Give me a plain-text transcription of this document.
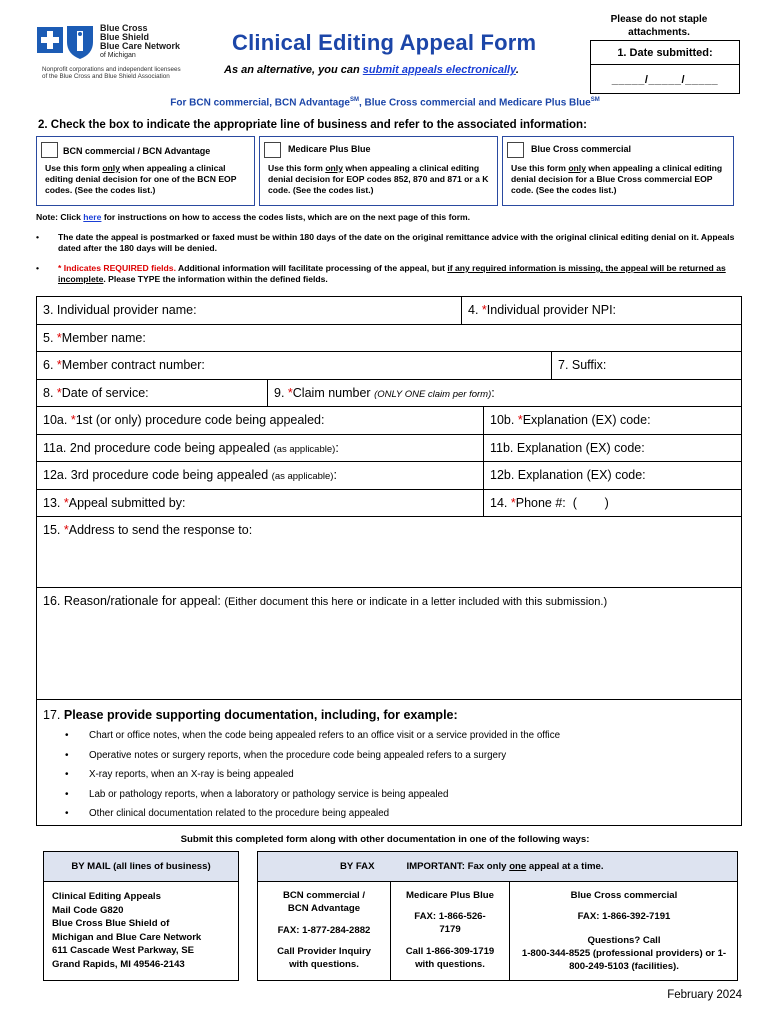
Blue Cross
Blue Shield
Blue Care Network
of Michigan
Nonprofit corporations and independent licensees
of the Blue Cross and Blue Shield Association
Clinical Editing Appeal Form
As an alternative, you can submit appeals electronically.
Please do not staple attachments.
1. Date submitted:
_____/_____/_____
For BCN commercial, BCN Advantage℠, Blue Cross commercial and Medicare Plus Blue℠
2. Check the box to indicate the appropriate line of business and refer to the associated information:
BCN commercial / BCN Advantage
Use this form only when appealing a clinical editing denial decision for one of the BCN EOP codes. (See the codes list.)
Medicare Plus Blue
Use this form only when appealing a clinical editing denial decision for EOP codes 852, 870 and 871 or a K code. (See the codes list.)
Blue Cross commercial
Use this form only when appealing a clinical editing denial decision for a Blue Cross commercial EOP code. (See the codes list.)
Note: Click here for instructions on how to access the codes lists, which are on the next page of this form.
• The date the appeal is postmarked or faxed must be within 180 days of the date on the original remittance advice with the original clinical editing denial on it. Appeals dated after the 180 days will be denied.
• * Indicates REQUIRED fields. Additional information will facilitate processing of the appeal, but if any required information is missing, the appeal will be returned as incomplete. Please TYPE the information within the defined fields.
3. Individual provider name:	4. *Individual provider NPI:
5. *Member name:
6. *Member contract number:	7. Suffix:
8. *Date of service:	9. *Claim number (ONLY ONE claim per form):
10a. *1st (or only) procedure code being appealed:	10b. *Explanation (EX) code:
11a. 2nd procedure code being appealed (as applicable):	11b. Explanation (EX) code:
12a. 3rd procedure code being appealed (as applicable):	12b. Explanation (EX) code:
13. *Appeal submitted by:	14. *Phone #:  (        )
15. *Address to send the response to:
16. Reason/rationale for appeal: (Either document this here or indicate in a letter included with this submission.)
17. Please provide supporting documentation, including, for example:
• Chart or office notes, when the code being appealed refers to an office visit or a service provided in the office
• Operative notes or surgery reports, when the procedure code being appealed refers to a surgery
• X-ray reports, when an X-ray is being appealed
• Lab or pathology reports, when a laboratory or pathology service is being appealed
• Other clinical documentation related to the procedure being appealed
Submit this completed form along with other documentation in one of the following ways:
BY MAIL (all lines of business)
Clinical Editing Appeals
Mail Code G820
Blue Cross Blue Shield of
Michigan and Blue Care Network
611 Cascade West Parkway, SE
Grand Rapids, MI 49546-2143
BY FAX	IMPORTANT: Fax only one appeal at a time.
BCN commercial / BCN Advantage
FAX: 1-877-284-2882
Call Provider Inquiry with questions.
Medicare Plus Blue
FAX: 1-866-526-7179
Call 1-866-309-1719 with questions.
Blue Cross commercial
FAX: 1-866-392-7191
Questions? Call
1-800-344-8525 (professional providers) or 1-800-249-5103 (facilities).
February 2024
